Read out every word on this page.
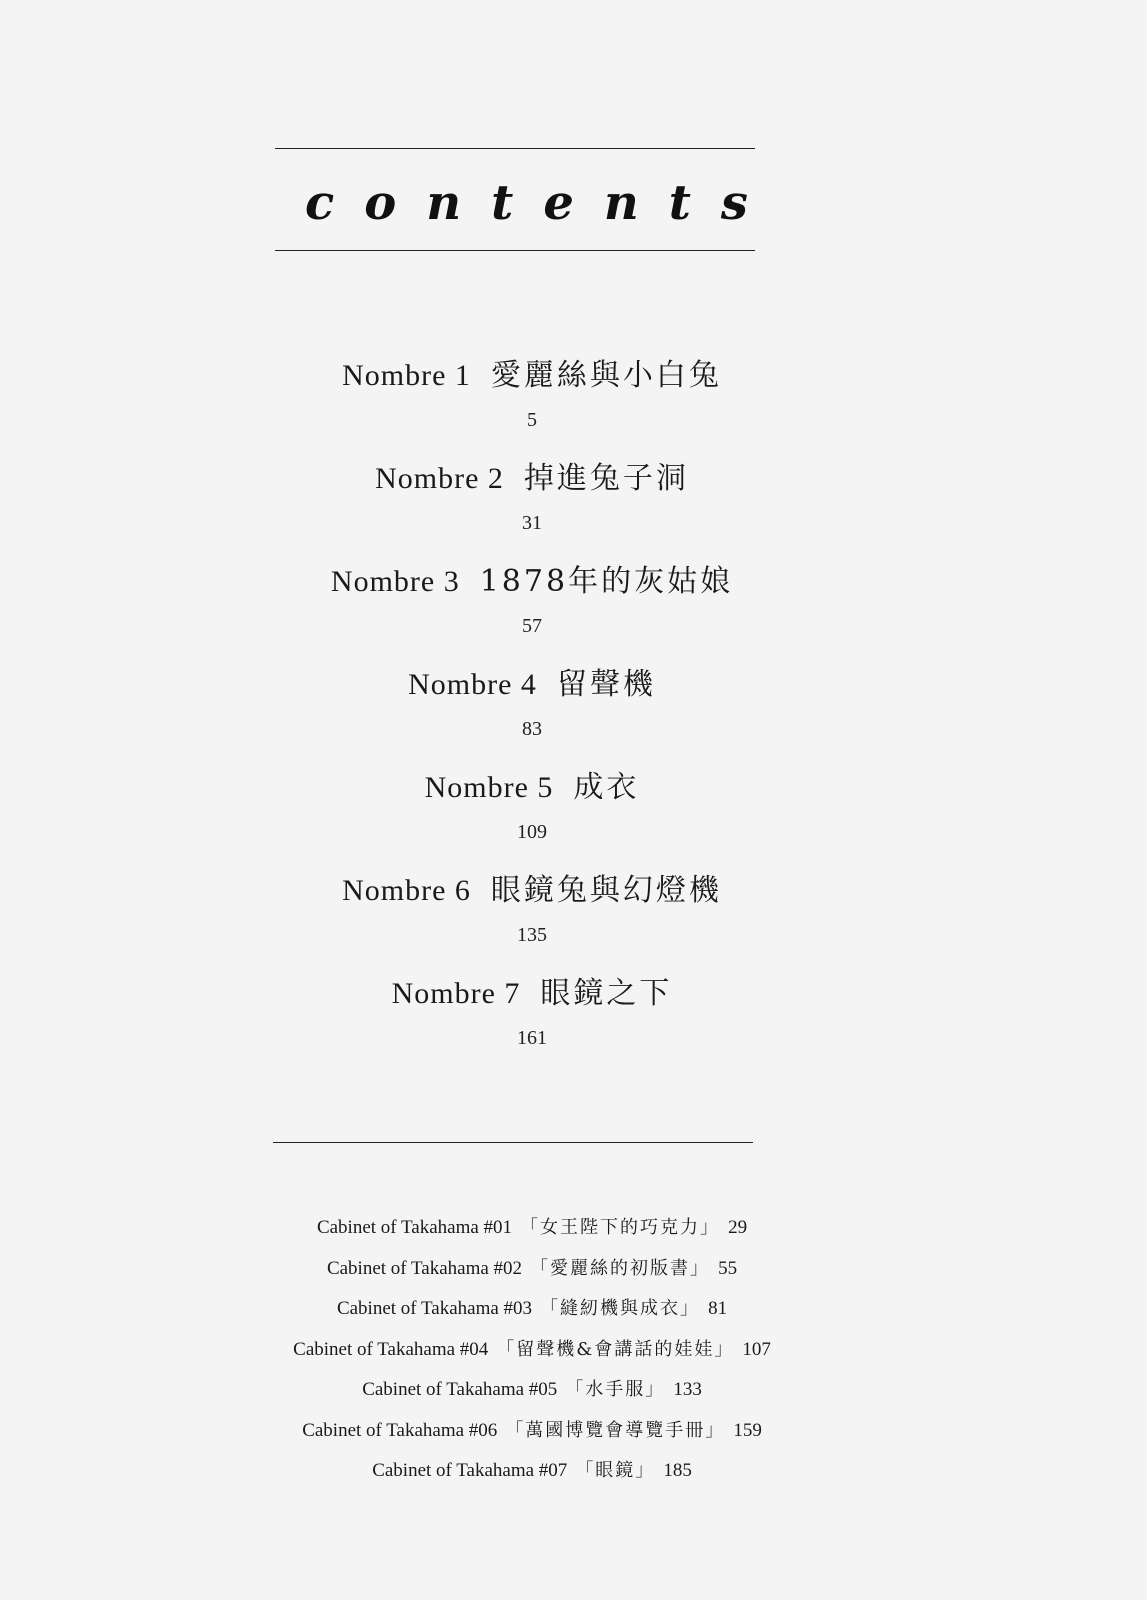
contents
Nombre 1 愛麗絲與小白兔
5
Nombre 2 掉進兔子洞
31
Nombre 3 1878年的灰姑娘
57
Nombre 4 留聲機
83
Nombre 5 成衣
109
Nombre 6 眼鏡兔與幻燈機
135
Nombre 7 眼鏡之下
161
Cabinet of Takahama #01 「女王陛下的巧克力」 29
Cabinet of Takahama #02 「愛麗絲的初版書」 55
Cabinet of Takahama #03 「縫紉機與成衣」 81
Cabinet of Takahama #04 「留聲機&會講話的娃娃」 107
Cabinet of Takahama #05 「水手服」 133
Cabinet of Takahama #06 「萬國博覽會導覽手冊」 159
Cabinet of Takahama #07 「眼鏡」 185
